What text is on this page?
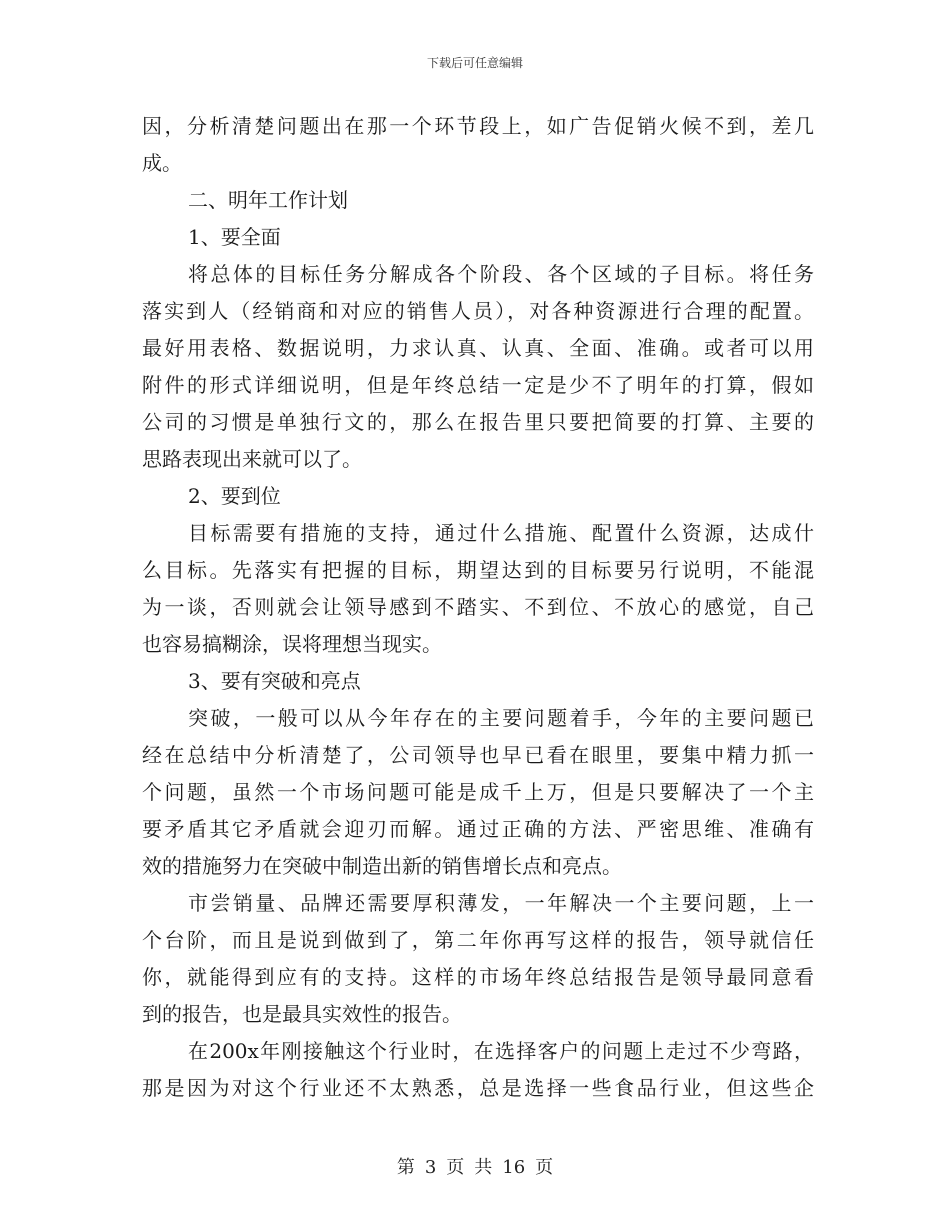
下载后可任意编辑
因，分析清楚问题出在那一个环节段上，如广告促销火候不到，差几
成。
二、明年工作计划
1、要全面
将总体的目标任务分解成各个阶段、各个区域的子目标。将任务
落实到人（经销商和对应的销售人员），对各种资源进行合理的配置。
最好用表格、数据说明，力求认真、认真、全面、准确。或者可以用
附件的形式详细说明，但是年终总结一定是少不了明年的打算，假如
公司的习惯是单独行文的，那么在报告里只要把简要的打算、主要的
思路表现出来就可以了。
2、要到位
目标需要有措施的支持，通过什么措施、配置什么资源，达成什
么目标。先落实有把握的目标，期望达到的目标要另行说明，不能混
为一谈，否则就会让领导感到不踏实、不到位、不放心的感觉，自己
也容易搞糊涂，误将理想当现实。
3、要有突破和亮点
突破，一般可以从今年存在的主要问题着手，今年的主要问题已
经在总结中分析清楚了，公司领导也早已看在眼里，要集中精力抓一
个问题，虽然一个市场问题可能是成千上万，但是只要解决了一个主
要矛盾其它矛盾就会迎刃而解。通过正确的方法、严密思维、准确有
效的措施努力在突破中制造出新的销售增长点和亮点。
市尝销量、品牌还需要厚积薄发，一年解决一个主要问题，上一
个台阶，而且是说到做到了，第二年你再写这样的报告，领导就信任
你，就能得到应有的支持。这样的市场年终总结报告是领导最同意看
到的报告，也是最具实效性的报告。
在200x年刚接触这个行业时，在选择客户的问题上走过不少弯路，
那是因为对这个行业还不太熟悉，总是选择一些食品行业，但这些企
第 3 页 共 16 页
